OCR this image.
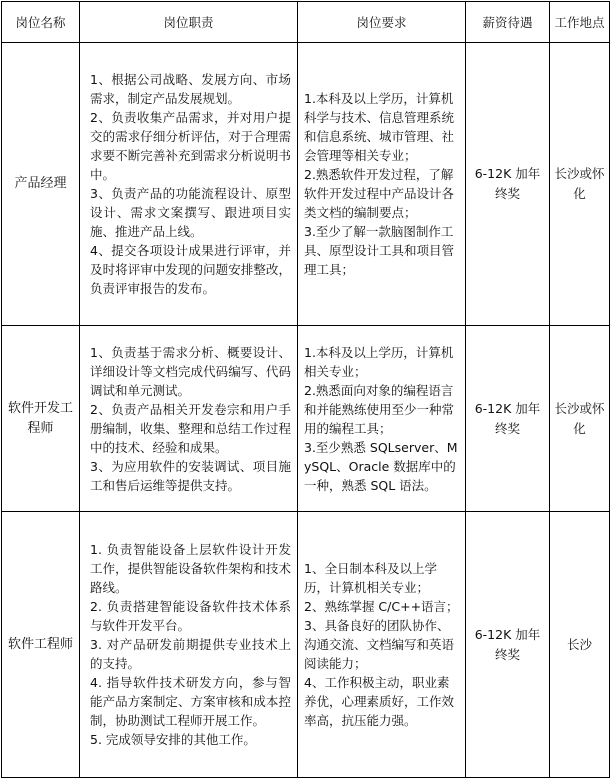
岗位名称	岗位职责	岗位要求	薪资待遇	工作地点
产品经理	1、根据公司战略、发展方向、市场需求，制定产品发展规划。
2、负责收集产品需求，并对用户提交的需求仔细分析评估，对于合理需求要不断完善补充到需求分析说明书中。
3、负责产品的功能流程设计、原型设计、需求文案撰写、跟进项目实施、推进产品上线。
4、提交各项设计成果进行评审，并及时将评审中发现的问题安排整改，负责评审报告的发布。	1.本科及以上学历，计算机科学与技术、信息管理系统和信息系统、城市管理、社会管理等相关专业；
2.熟悉软件开发过程，了解软件开发过程中产品设计各类文档的编制要点；
3.至少了解一款脑图制作工具、原型设计工具和项目管理工具；	6-12K 加年终奖	长沙或怀化
软件开发工程师	1、负责基于需求分析、概要设计、详细设计等文档完成代码编写、代码调试和单元测试。
2、负责产品相关开发卷宗和用户手册编制，收集、整理和总结工作过程中的技术、经验和成果。
3、为应用软件的安装调试、项目施工和售后运维等提供支持。	1.本科及以上学历，计算机相关专业；
2.熟悉面向对象的编程语言和并能熟练使用至少一种常用的编程工具；
3.至少熟悉 SQLserver、MySQL、Oracle 数据库中的一种，熟悉 SQL 语法。	6-12K 加年终奖	长沙或怀化
软件工程师	1. 负责智能设备上层软件设计开发工作，提供智能设备软件架构和技术路线。
2. 负责搭建智能设备软件技术体系与软件开发平台。
3. 对产品研发前期提供专业技术上的支持。
4. 指导软件技术研发方向，参与智能产品方案制定、方案审核和成本控制，协助测试工程师开展工作。
5. 完成领导安排的其他工作。	1、全日制本科及以上学历，计算机相关专业；
2、熟练掌握 C/C++语言；
3、具备良好的团队协作、沟通交流、文档编写和英语阅读能力；
4、工作积极主动，职业素养优，心理素质好，工作效率高，抗压能力强。	6-12K 加年终奖	长沙
